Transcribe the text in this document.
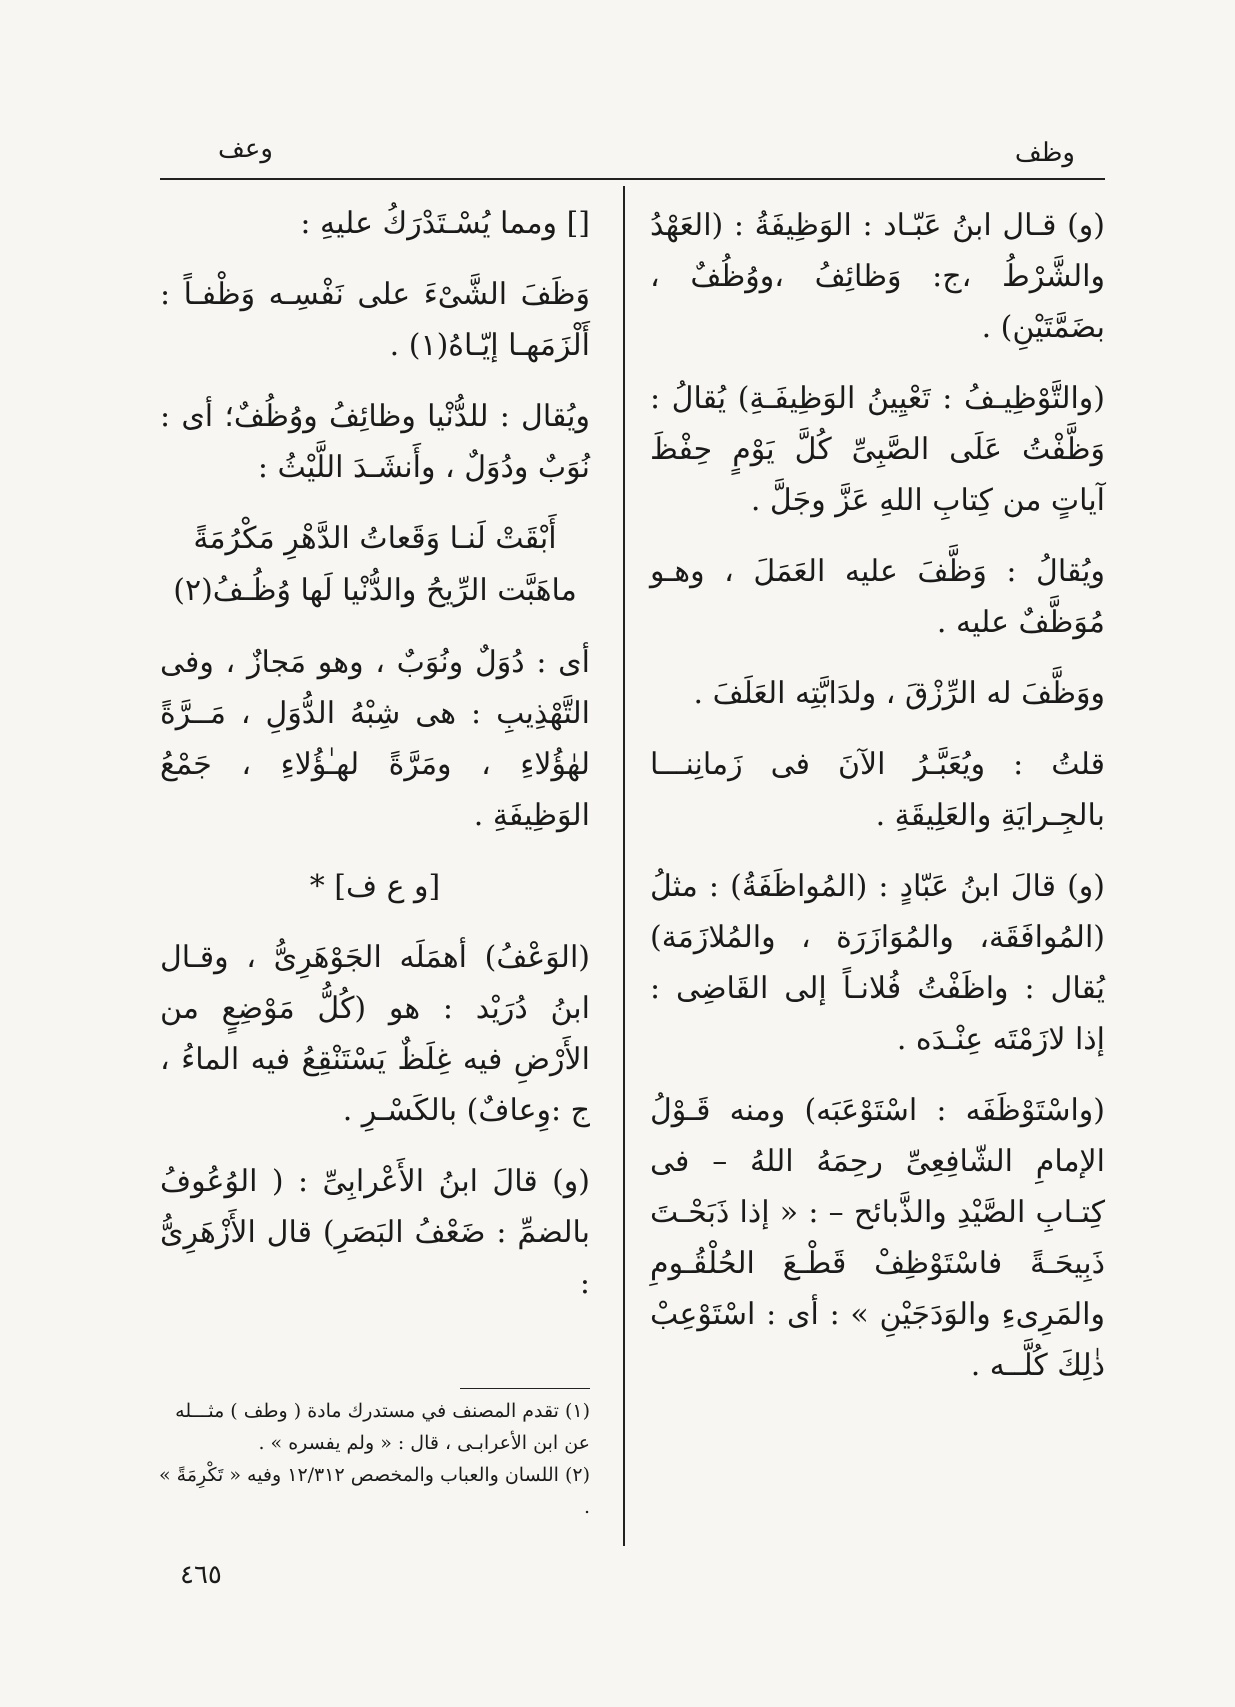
وظف
وعف

(و) قـال ابنُ عَبّـاد : الوَظِيفَةُ : (العَهْدُ والشَّرْطُ ،ج: وَظائِفُ ،ووُظُفٌ ، بضَمَّتَيْنِ) .

(والتَّوْظِيـفُ : تَعْيِينُ الوَظِيفَـةِ) يُقالُ : وَظَّفْتُ عَلَى الصَّبِىِّ كُلَّ يَوْمٍ حِفْظَ آياتٍ من كِتابِ اللهِ عَزَّ وجَلَّ .

ويُقالُ : وَظَّفَ عليه العَمَلَ ، وهـو مُوَظَّفٌ عليه .

ووَظَّفَ له الرِّزْقَ ، ولدَابَّتِه العَلَفَ .

قلتُ : ويُعَبَّـرُ الآنَ فى زَمانِنـــا بالجِـرايَةِ والعَلِيقَةِ .

(و) قالَ ابنُ عَبّادٍ : (المُواظَفَةُ) : مثلُ (المُوافَقَة، والمُوَازَرَة ، والمُلازَمَة) يُقال : واظَفْتُ فُلانـاً إلى القَاضِى : إذا لازَمْتَه عِنْـدَه .

(واسْتَوْظَفَه : اسْتَوْعَبَه) ومنه قَـوْلُ الإمامِ الشّافِعِىِّ رحِمَهُ اللهُ – فى كِتـابِ الصَّيْدِ والذَّبائح – : « إذا ذَبَحْـتَ ذَبِيحَـةً فاسْتَوْظِفْ قَطْـعَ الحُلْقُـومِ والمَرِىءِ والوَدَجَيْنِ » : أى : اسْتَوْعِبْ ذٰلِكَ كُلَّــه .

[] ومما يُسْـتَدْرَكُ عليهِ :

وَظَفَ الشَّىْءَ على نَفْسِـه وَظْفـاً : أَلْزَمَهـا إيّـاهُ(١) .

ويُقال : للدُّنْيا وظائِفُ ووُظُفٌ؛ أى : نُوَبٌ ودُوَلٌ ، وأَنشَـدَ اللَّيْثُ :

أَبْقَتْ لَنـا وَقَعاتُ الدَّهْرِ مَكْرُمَةً
ماهَبَّت الرِّيحُ والدُّنْيا لَها وُظُـفُ(٢)

أى : دُوَلٌ ونُوَبٌ ، وهو مَجازٌ ، وفى التَّهْذِيبِ : هى شِبْهُ الدُّوَلِ ، مَــرَّةً لهٰؤُلاءِ ، ومَرَّةً لهـٰؤُلاءِ ، جَمْعُ الوَظِيفَةِ .

[و ع ف] *

(الوَعْفُ) أهمَلَه الجَوْهَرِىُّ ، وقـال ابنُ دُرَيْد : هو (كُلُّ مَوْضِعٍ من الأَرْضِ فيه غِلَظٌ يَسْتَنْقِعُ فيه الماءُ ، ج :وِعافٌ) بالكَسْـرِ .

(و) قالَ ابنُ الأَعْرابِىِّ : ( الوُعُوفُ بالضمِّ : ضَعْفُ البَصَرِ) قال الأَزْهَرِىُّ :

(١) تقدم المصنف في مستدرك مادة ( وطف ) مثـــله عن ابن الأعرابـى ، قال : « ولم يفسره » .

(٢) اللسان والعباب والمخصص ١٢/٣١٢ وفيه « تَكْرِمَةً » .

٤٦٥
